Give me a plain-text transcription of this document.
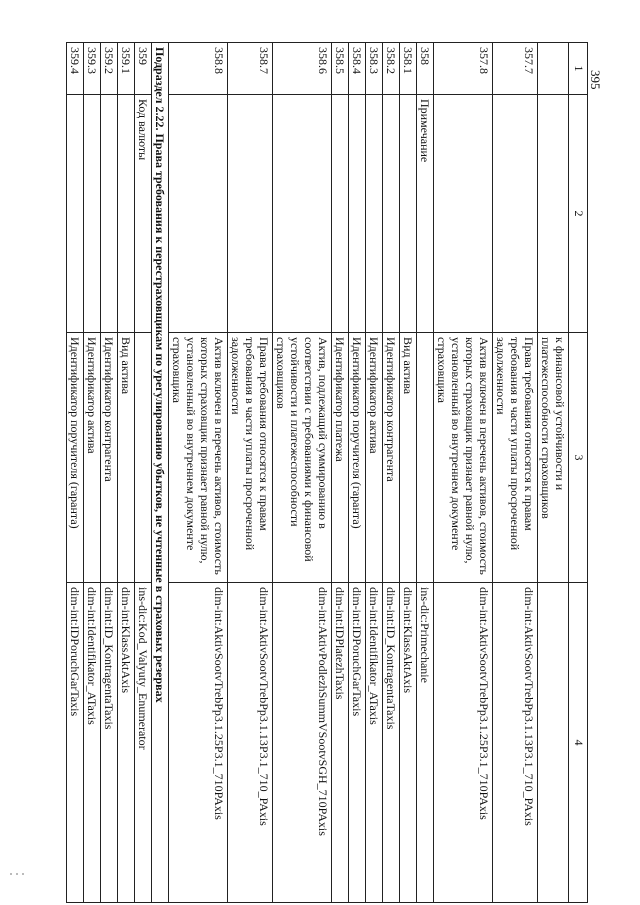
395
1	2	3	4
		к финансовой устойчивости и платежеспособности страховщиков	
357.7		Права требования относятся к правам требования в части уплаты просроченной задолженности	dim-int:AktivSootvTrebPp3.1.13P3.1_710_PAxis
357.8		Актив включен в перечень активов, стоимость которых страховщик признает равной нулю, установленный во внутреннем документе страховщика	dim-int:AktivSootvTrebPp3.1.25P3.1_710PAxis
358	Примечание		ins-dic:Primechanie
358.1		Вид актива	dim-int:KlassAktAxis
358.2		Идентификатор контрагента	dim-int:ID_KontragentaTaxis
358.3		Идентификатор актива	dim-int:Identifikator_ATaxis
358.4		Идентификатор поручителя (гаранта)	dim-int:IDPoruchGarTaxis
358.5		Идентификатор платежа	dim-int:IDPlatezhTaxis
358.6		Актив, подлежащий суммированию в соответствии с требованиями к финансовой устойчивости и платежеспособности страховщиков	dim-int:AktivPodlezhSummVSootvSGH_710PAxis
358.7		Права требования относятся к правам требования в части уплаты просроченной задолженности	dim-int:AktivSootvTrebPp3.1.13P3.1_710_PAxis
358.8		Актив включен в перечень активов, стоимость которых страховщик признает равной нулю, установленный во внутреннем документе страховщика	dim-int:AktivSootvTrebPp3.1.25P3.1_710PAxis
Подраздел 2.22. Права требования к перестраховщикам по урегулированию убытков, не учтенные в страховых резервах			
359	Код валюты		ins-dic:Kod_Valyuty_Enumerator
359.1		Вид актива	dim-int:KlassAktAxis
359.2		Идентификатор контрагента	dim-int:ID_KontragentaTaxis
359.3		Идентификатор актива	dim-int:Identifikator_ATaxis
359.4		Идентификатор поручителя (гаранта)	dim-int:IDPoruchGarTaxis
